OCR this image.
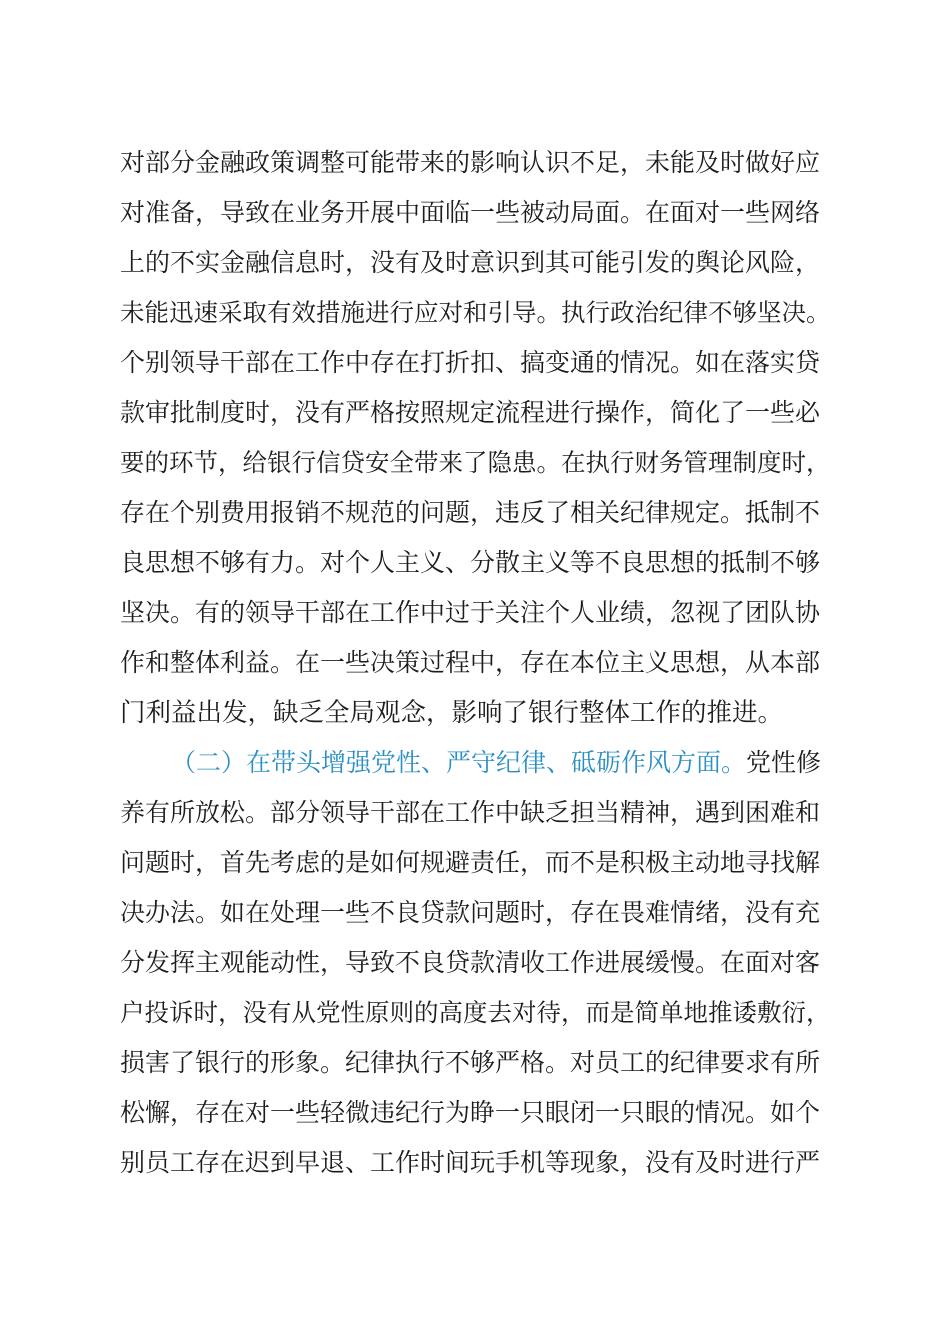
对部分金融政策调整可能带来的影响认识不足，未能及时做好应
对准备，导致在业务开展中面临一些被动局面。在面对一些网络
上的不实金融信息时，没有及时意识到其可能引发的舆论风险，
未能迅速采取有效措施进行应对和引导。执行政治纪律不够坚决。
个别领导干部在工作中存在打折扣、搞变通的情况。如在落实贷
款审批制度时，没有严格按照规定流程进行操作，简化了一些必
要的环节，给银行信贷安全带来了隐患。在执行财务管理制度时，
存在个别费用报销不规范的问题，违反了相关纪律规定。抵制不
良思想不够有力。对个人主义、分散主义等不良思想的抵制不够
坚决。有的领导干部在工作中过于关注个人业绩，忽视了团队协
作和整体利益。在一些决策过程中，存在本位主义思想，从本部
门利益出发，缺乏全局观念，影响了银行整体工作的推进。
（二）在带头增强党性、严守纪律、砥砺作风方面。党性修
养有所放松。部分领导干部在工作中缺乏担当精神，遇到困难和
问题时，首先考虑的是如何规避责任，而不是积极主动地寻找解
决办法。如在处理一些不良贷款问题时，存在畏难情绪，没有充
分发挥主观能动性，导致不良贷款清收工作进展缓慢。在面对客
户投诉时，没有从党性原则的高度去对待，而是简单地推诿敷衍，
损害了银行的形象。纪律执行不够严格。对员工的纪律要求有所
松懈，存在对一些轻微违纪行为睁一只眼闭一只眼的情况。如个
别员工存在迟到早退、工作时间玩手机等现象，没有及时进行严
